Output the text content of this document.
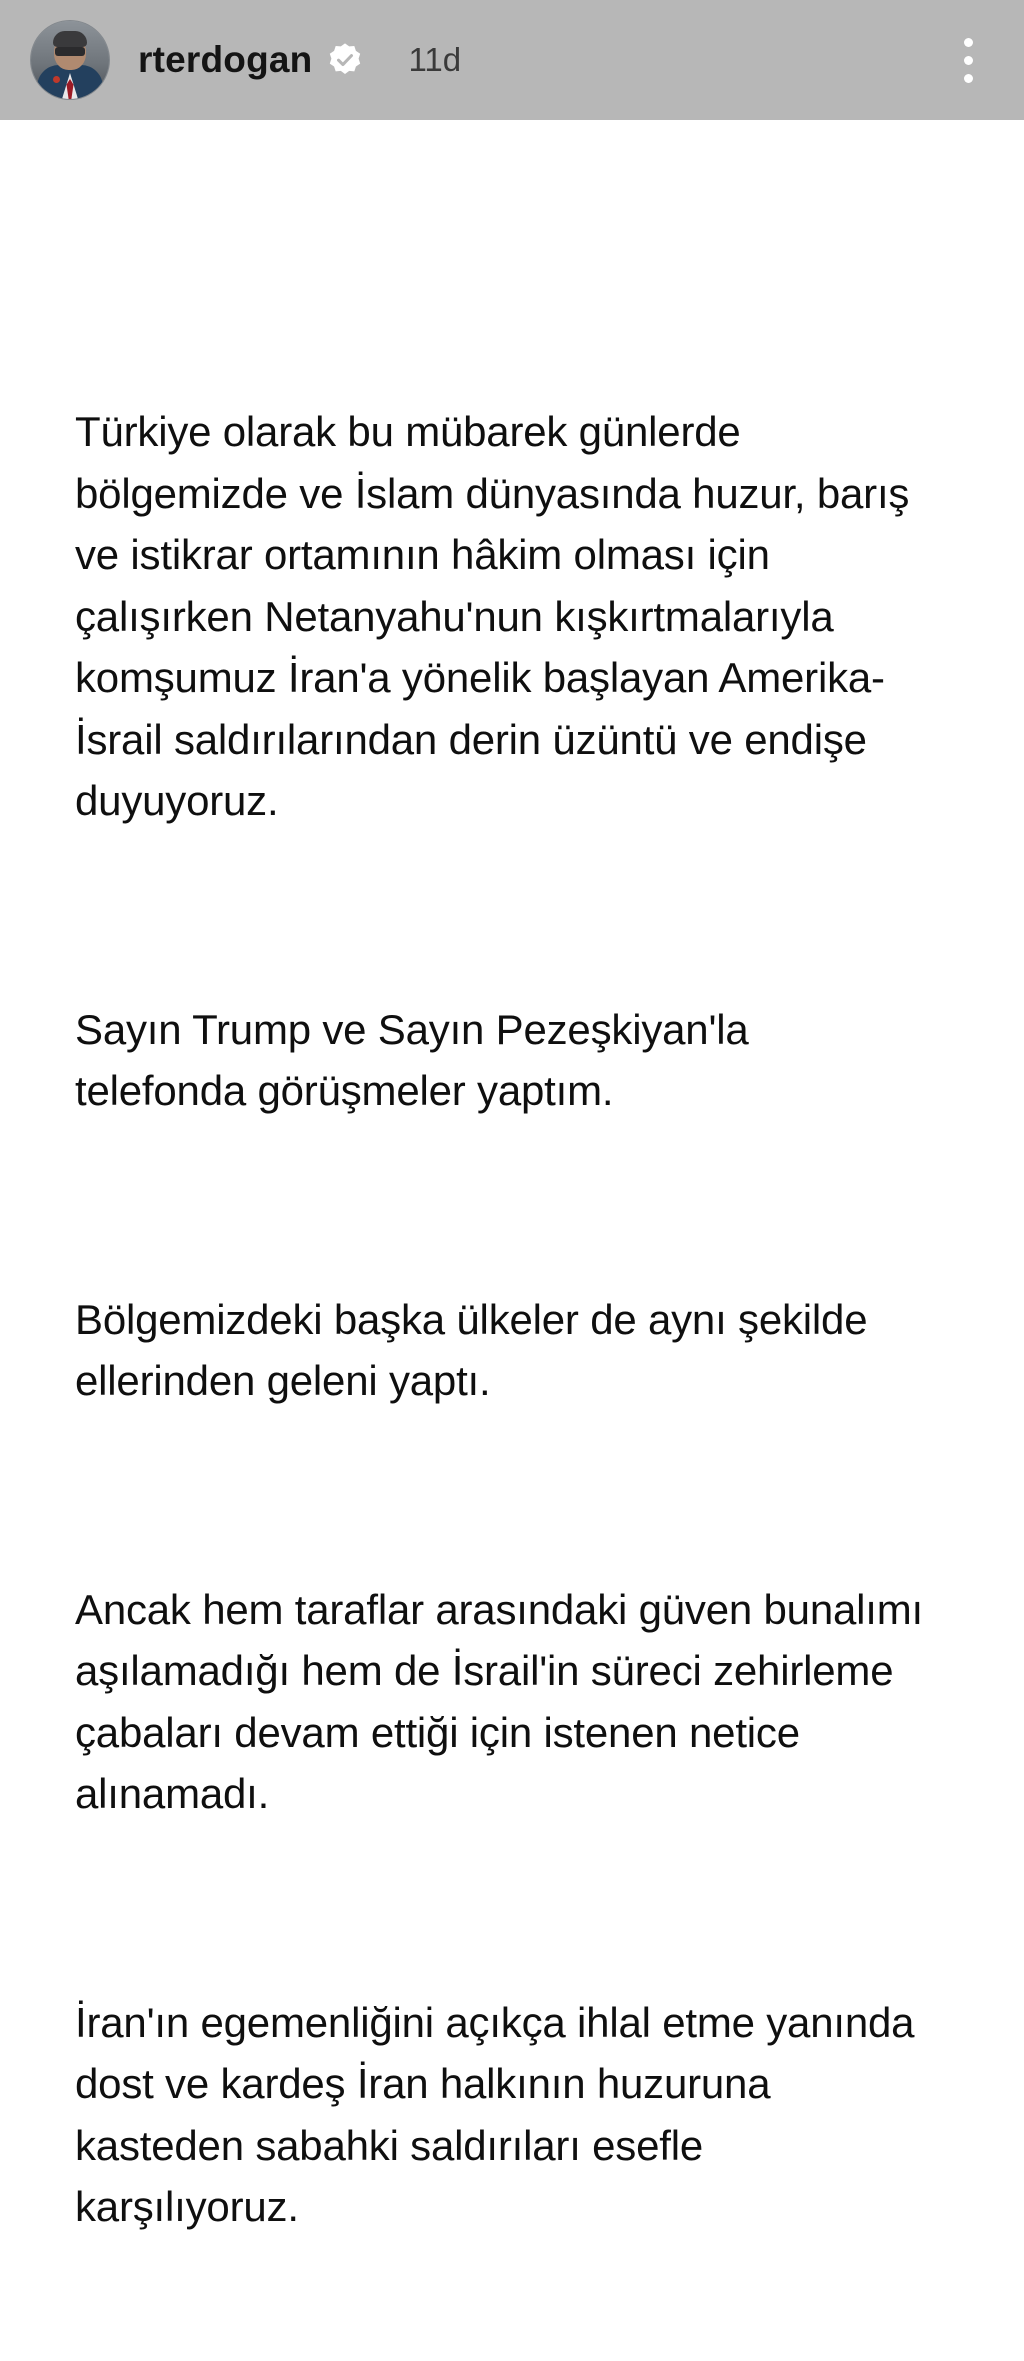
rterdogan	11d

Türkiye olarak bu mübarek günlerde bölgemizde ve İslam dünyasında huzur, barış ve istikrar ortamının hâkim olması için çalışırken Netanyahu'nun kışkırtmalarıyla komşumuz İran'a yönelik başlayan Amerika-İsrail saldırılarından derin üzüntü ve endişe duyuyoruz.

Sayın Trump ve Sayın Pezeşkiyan'la telefonda görüşmeler yaptım.

Bölgemizdeki başka ülkeler de aynı şekilde ellerinden geleni yaptı.

Ancak hem taraflar arasındaki güven bunalımı aşılamadığı hem de İsrail'in süreci zehirleme çabaları devam ettiği için istenen netice alınamadı.

İran'ın egemenliğini açıkça ihlal etme yanında dost ve kardeş İran halkının huzuruna kasteden sabahki saldırıları esefle karşılıyoruz.
